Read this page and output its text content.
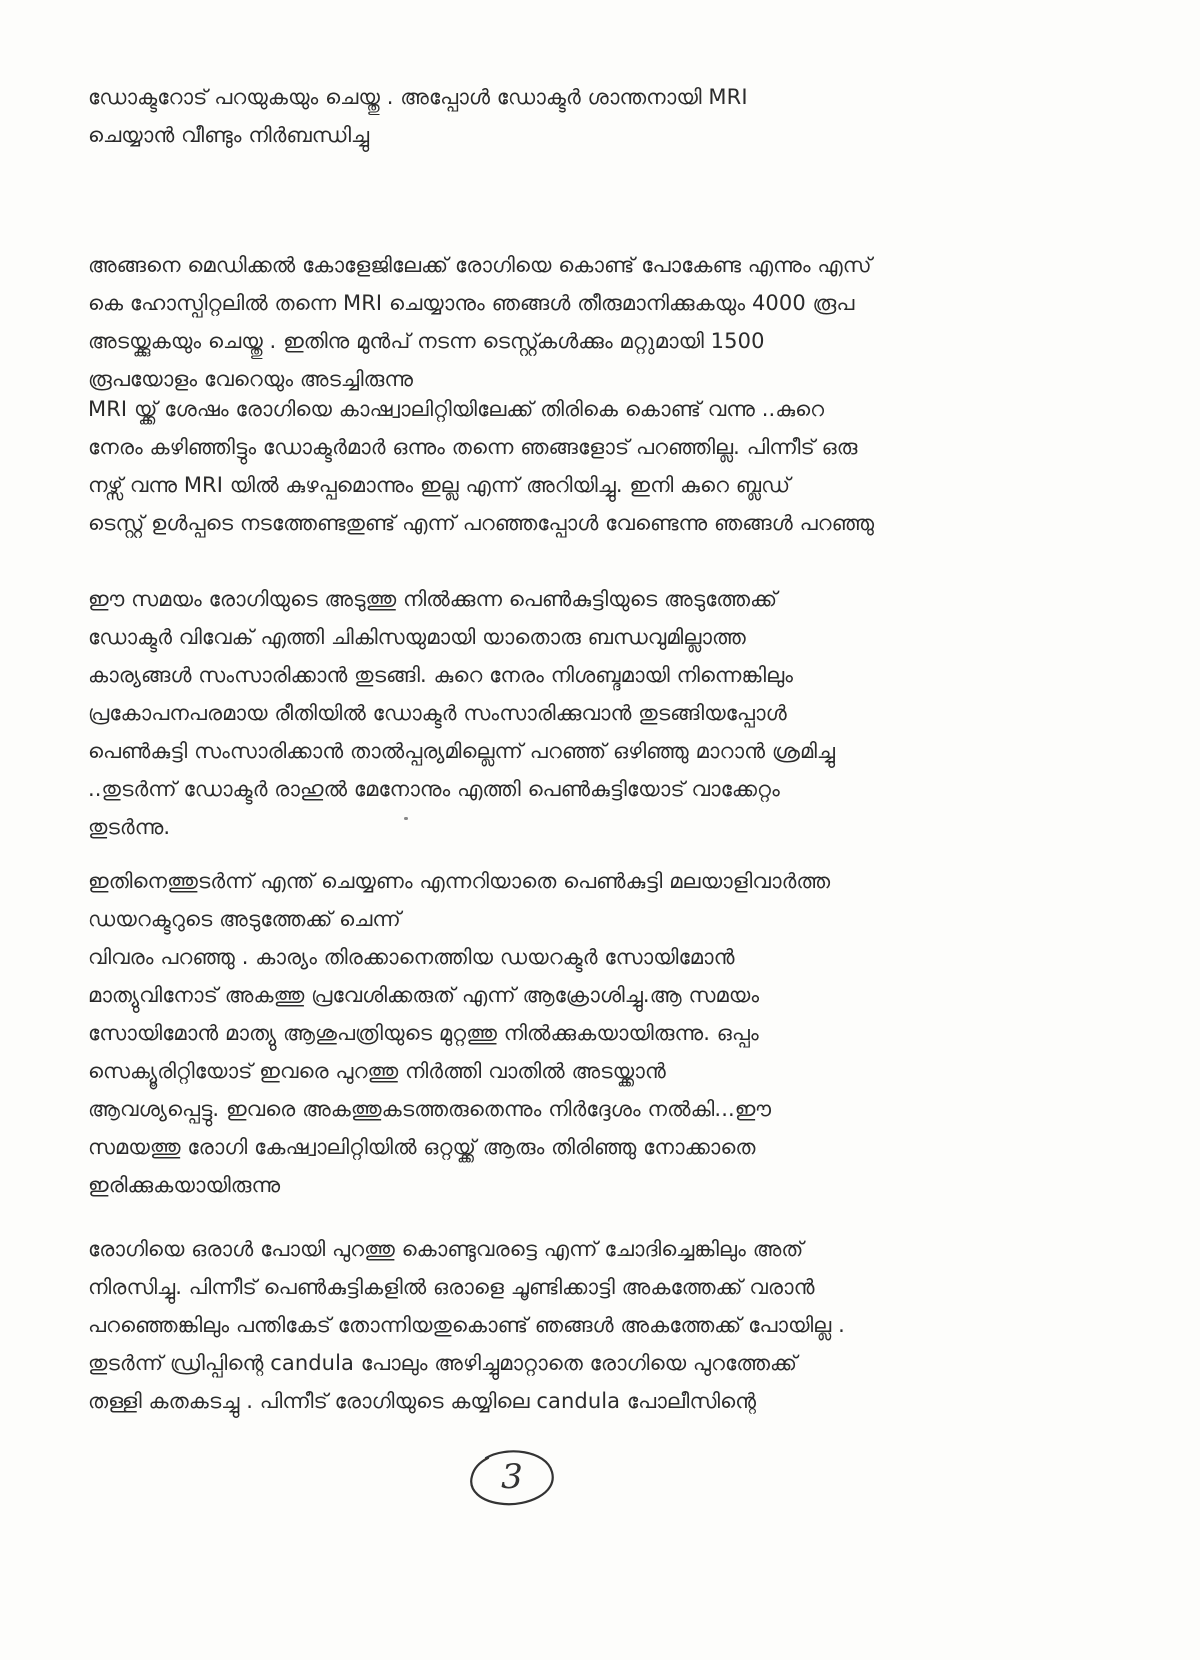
ഡോക്ടറോട് പറയുകയും ചെയ്തു . അപ്പോൾ ഡോക്ടർ ശാന്തനായി MRI
ചെയ്യാൻ വീണ്ടും നിർബന്ധിച്ചു
അങ്ങനെ മെഡിക്കൽ കോളേജിലേക്ക് രോഗിയെ കൊണ്ട് പോകേണ്ട എന്നും എസ്
കെ ഹോസ്പിറ്റലിൽ തന്നെ MRI ചെയ്യാനും ഞങ്ങൾ തീരുമാനിക്കുകയും 4000 രൂപ
അടയ്ക്കുകയും ചെയ്തു . ഇതിനു മുൻപ് നടന്ന ടെസ്റ്റ്കൾക്കും മറ്റുമായി 1500
രൂപയോളം വേറെയും അടച്ചിരുന്നു
MRI യ്ക്ക് ശേഷം രോഗിയെ കാഷ്വാലിറ്റിയിലേക്ക് തിരികെ കൊണ്ട് വന്നു ..കുറെ
നേരം കഴിഞ്ഞിട്ടും ഡോക്ടർമാർ ഒന്നും തന്നെ ഞങ്ങളോട് പറഞ്ഞില്ല. പിന്നീട് ഒരു
നഴ്സ് വന്നു MRI യിൽ കുഴപ്പമൊന്നും ഇല്ല എന്ന് അറിയിച്ചു. ഇനി കുറെ ബ്ലഡ്
ടെസ്റ്റ് ഉൾപ്പടെ നടത്തേണ്ടതുണ്ട് എന്ന് പറഞ്ഞപ്പോൾ വേണ്ടെന്നു ഞങ്ങൾ പറഞ്ഞു
ഈ സമയം രോഗിയുടെ അടുത്തു നിൽക്കുന്ന പെൺകുട്ടിയുടെ അടുത്തേക്ക്
ഡോക്ടർ വിവേക് എത്തി ചികിസയുമായി യാതൊരു ബന്ധവുമില്ലാത്ത
കാര്യങ്ങൾ സംസാരിക്കാൻ തുടങ്ങി. കുറെ നേരം നിശബ്ദമായി നിന്നെങ്കിലും
പ്രകോപനപരമായ രീതിയിൽ ഡോക്ടർ സംസാരിക്കുവാൻ തുടങ്ങിയപ്പോൾ
പെൺകുട്ടി സംസാരിക്കാൻ താൽപ്പര്യമില്ലെന്ന് പറഞ്ഞ് ഒഴിഞ്ഞു മാറാൻ ശ്രമിച്ചു
..തുടർന്ന് ഡോക്ടർ രാഹുൽ മേനോനും എത്തി പെൺകുട്ടിയോട് വാക്കേറ്റം
തുടർന്നു.
ഇതിനെത്തുടർന്ന് എന്ത് ചെയ്യണം എന്നറിയാതെ പെൺകുട്ടി മലയാളിവാർത്ത
ഡയറക്ടറുടെ അടുത്തേക്ക് ചെന്ന്
വിവരം പറഞ്ഞു . കാര്യം തിരക്കാനെത്തിയ ഡയറക്ടർ സോയിമോൻ
മാത്യുവിനോട് അകത്തു പ്രവേശിക്കരുത് എന്ന് ആക്രോശിച്ചു.ആ സമയം
സോയിമോൻ മാത്യു ആശുപത്രിയുടെ മുറ്റത്തു നിൽക്കുകയായിരുന്നു. ഒപ്പം
സെക്യൂരിറ്റിയോട് ഇവരെ പുറത്തു നിർത്തി വാതിൽ അടയ്ക്കാൻ
ആവശ്യപ്പെട്ടു. ഇവരെ അകത്തുകടത്തരുതെന്നും നിർദ്ദേശം നൽകി...ഈ
സമയത്തു രോഗി കേഷ്വാലിറ്റിയിൽ ഒറ്റയ്ക്ക് ആരും തിരിഞ്ഞു നോക്കാതെ
ഇരിക്കുകയായിരുന്നു
രോഗിയെ ഒരാൾ പോയി പുറത്തു കൊണ്ടുവരട്ടെ എന്ന് ചോദിച്ചെങ്കിലും അത്
നിരസിച്ചു. പിന്നീട് പെൺകുട്ടികളിൽ ഒരാളെ ചൂണ്ടിക്കാട്ടി അകത്തേക്ക് വരാൻ
പറഞ്ഞെങ്കിലും പന്തികേട് തോന്നിയതുകൊണ്ട് ഞങ്ങൾ അകത്തേക്ക് പോയില്ല .
തുടർന്ന് ഡ്രിപ്പിന്റെ candula പോലും അഴിച്ചുമാറ്റാതെ രോഗിയെ പുറത്തേക്ക്
തള്ളി കതകടച്ചു . പിന്നീട് രോഗിയുടെ കയ്യിലെ candula പോലീസിന്റെ
3
